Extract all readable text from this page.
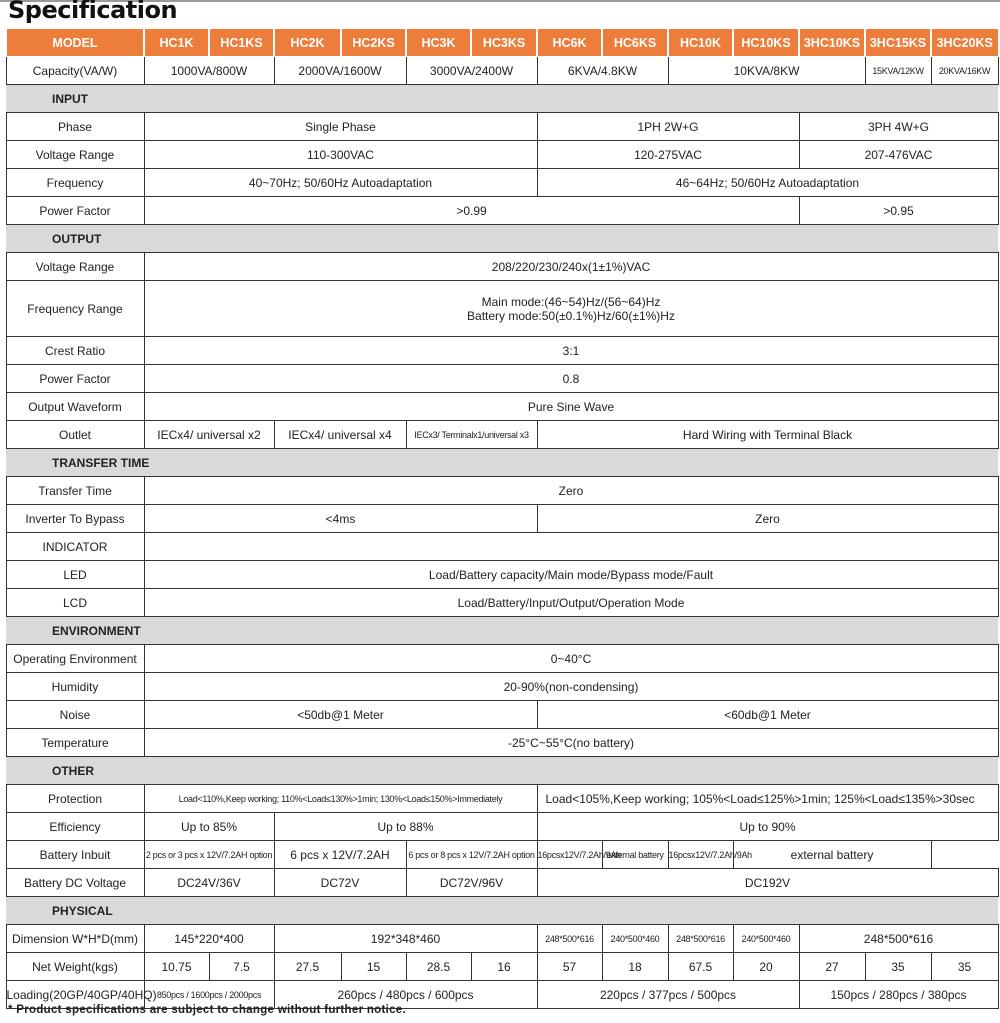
Specification
MODEL	HC1K	HC1KS	HC2K	HC2KS	HC3K	HC3KS	HC6K	HC6KS	HC10K	HC10KS	3HC10KS	3HC15KS	3HC20KS
Capacity(VA/W)	1000VA/800W		2000VA/1600W		3000VA/2400W		6KVA/4.8KW		10KVA/8KW			15KVA/12KW	20KVA/16KW
INPUT													
Phase	Single Phase						1PH 2W+G				3PH 4W+G		
Voltage Range	110-300VAC						120-275VAC				207-476VAC		
Frequency	40~70Hz; 50/60Hz Autoadaptation						46~64Hz; 50/60Hz Autoadaptation						
Power Factor	>0.99										>0.95		
OUTPUT													
Voltage Range	208/220/230/240x(1±1%)VAC												
Frequency Range	Main mode:(46~54)Hz/(56~64)Hz
Battery mode:50(±0.1%)Hz/60(±1%)Hz												
Crest Ratio	3:1												
Power Factor	0.8												
Output Waveform	Pure Sine Wave												
Outlet	IECx4/ universal x2		IECx4/ universal x4		IECx3/ Terminalx1/universal x3		Hard Wiring with Terminal Black						
TRANSFER TIME													
Transfer Time	Zero												
Inverter To Bypass	<4ms						Zero						
INDICATOR													
LED	Load/Battery capacity/Main mode/Bypass mode/Fault												
LCD	Load/Battery/Input/Output/Operation Mode												
ENVIRONMENT													
Operating Environment	0~40°C												
Humidity	20-90%(non-condensing)												
Noise	<50db@1 Meter						<60db@1 Meter						
Temperature	-25°C~55°C(no battery)												
OTHER													
Protection	Load<110%,Keep working; 110%<Load≤130%>1min; 130%<Load≤150%>Immediately						Load<105%,Keep working; 105%<Load≤125%>1min; 125%<Load≤135%>30sec						
Efficiency	Up to 85%		Up to 88%				Up to 90%						
Battery Inbuit	2 pcs or 3 pcs x 12V/7.2AH option		6 pcs x 12V/7.2AH		6 pcs or 8 pcs x 12V/7.2AH option		16pcsx12V/7.2Ah/9Ah	external battery	16pcsx12V/7.2Ah/9Ah	external battery			
Battery DC Voltage	DC24V/36V		DC72V		DC72V/96V		DC192V						
PHYSICAL													
Dimension W*H*D(mm)	145*220*400		192*348*460				248*500*616	240*500*460	248*500*616	240*500*460	248*500*616		
Net Weight(kgs)	10.75	7.5	27.5	15	28.5	16	57	18	67.5	20	27	35	35
Loading(20GP/40GP/40HQ)	850pcs / 1600pcs / 2000pcs		260pcs / 480pcs / 600pcs				220pcs / 377pcs / 500pcs				150pcs / 280pcs / 380pcs		
* Product specifications are subject to change without further notice.
